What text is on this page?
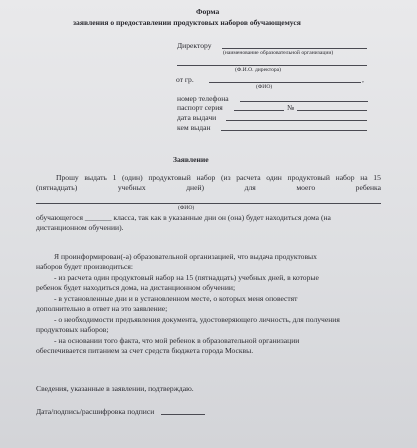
Форма
заявления о предоставлении продуктовых наборов обучающемуся
Директору
(наименование образовательной организации)
(Ф.И.О. директора)
от гр.	,
(ФИО)
номер телефона
паспорт серия	№
дата выдачи
кем выдан
Заявление
Прошу выдать 1 (один) продуктовый набор (из расчета один продуктовый набор на 15
(пятнадцать)	учебных	дней)	для	моего	ребенка
(ФИО)
обучающегося _______ класса, так как в указанные дни он (она) будет находиться дома (на
дистанционном обучении).
Я проинформирован(-а) образовательной организацией, что выдача продуктовых
наборов будет производиться:
- из расчета один продуктовый набор на 15 (пятнадцать) учебных дней, в которые
ребенок будет находиться дома, на дистанционном обучении;
- в установленные дни и в установленном месте, о которых меня оповестят
дополнительно в ответ на это заявление;
- о необходимости предъявления документа, удостоверяющего личность, для получения
продуктовых наборов;
- на основании того факта, что мой ребенок в образовательной организации
обеспечивается питанием за счет средств бюджета города Москвы.
Сведения, указанные в заявлении, подтверждаю.
Дата/подпись/расшифровка подписи
